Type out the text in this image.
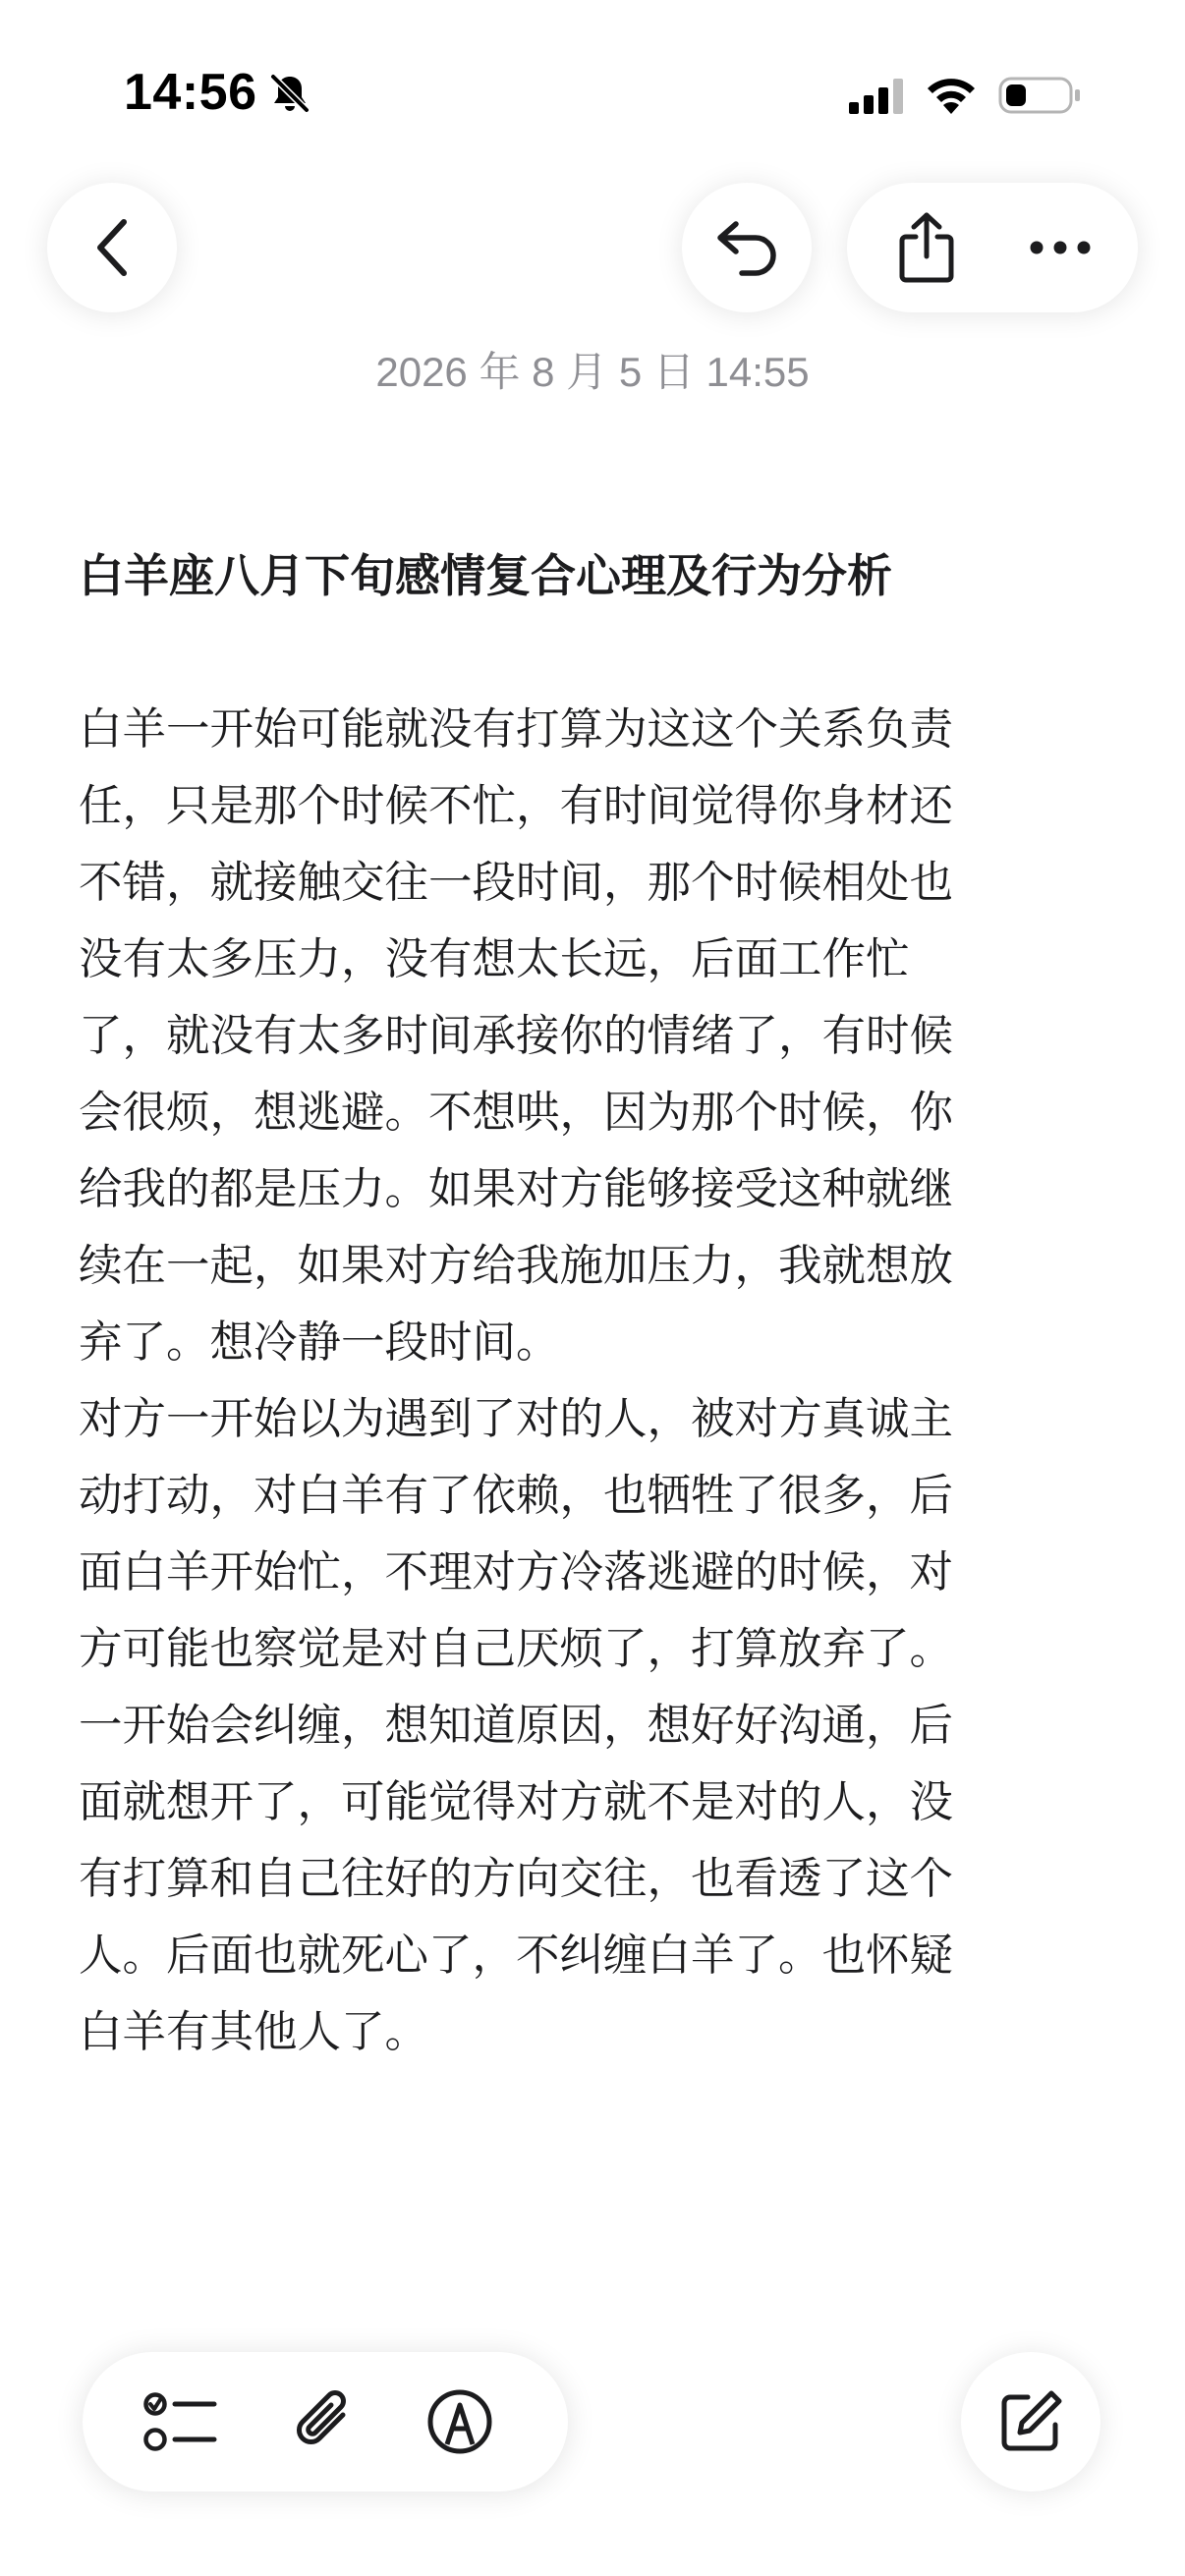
14:56
2026 年 8 月 5 日 14:55
白羊座八月下旬感情复合心理及行为分析

白羊一开始可能就没有打算为这这个关系负责

任，只是那个时候不忙，有时间觉得你身材还

不错，就接触交往一段时间，那个时候相处也

没有太多压力，没有想太长远，后面工作忙

了，就没有太多时间承接你的情绪了，有时候

会很烦，想逃避。不想哄，因为那个时候，你

给我的都是压力。如果对方能够接受这种就继

续在一起，如果对方给我施加压力，我就想放

弃了。想冷静一段时间。

对方一开始以为遇到了对的人，被对方真诚主

动打动，对白羊有了依赖，也牺牲了很多，后

面白羊开始忙，不理对方冷落逃避的时候，对

方可能也察觉是对自己厌烦了，打算放弃了。

一开始会纠缠，想知道原因，想好好沟通，后

面就想开了，可能觉得对方就不是对的人，没

有打算和自己往好的方向交往，也看透了这个

人。后面也就死心了，不纠缠白羊了。也怀疑

白羊有其他人了。
